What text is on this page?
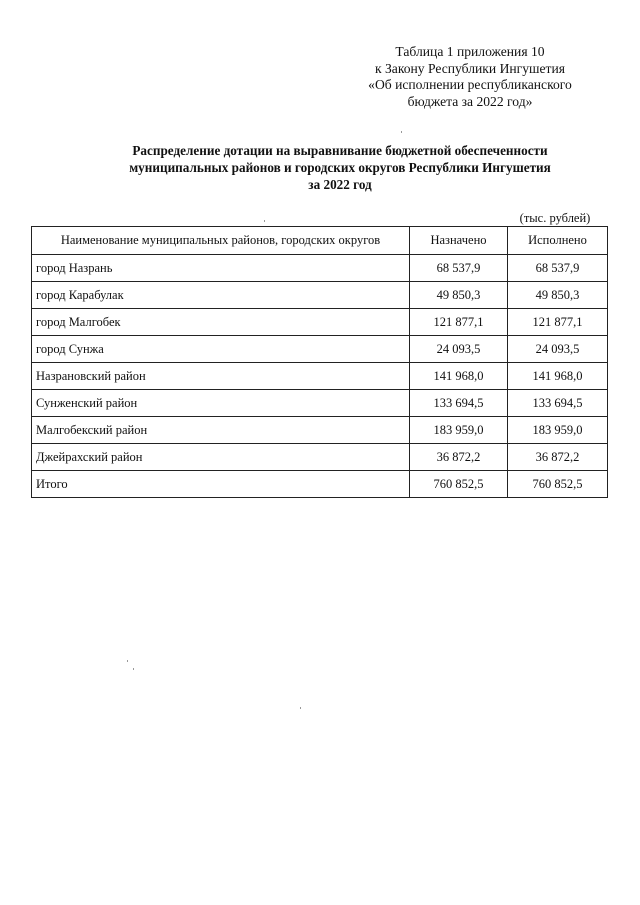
Таблица 1 приложения 10
к Закону Республики Ингушетия
«Об исполнении республиканского
бюджета за 2022 год»
Распределение дотации на выравнивание бюджетной обеспеченности
муниципальных районов и городских округов Республики Ингушетия
за 2022 год
(тыс. рублей)
Наименование муниципальных районов, городских округов	Назначено	Исполнено
город Назрань	68 537,9	68 537,9
город Карабулак	49 850,3	49 850,3
город Малгобек	121 877,1	121 877,1
город Сунжа	24 093,5	24 093,5
Назрановский район	141 968,0	141 968,0
Сунженский район	133 694,5	133 694,5
Малгобекский район	183 959,0	183 959,0
Джейрахский район	36 872,2	36 872,2
Итого	760 852,5	760 852,5
